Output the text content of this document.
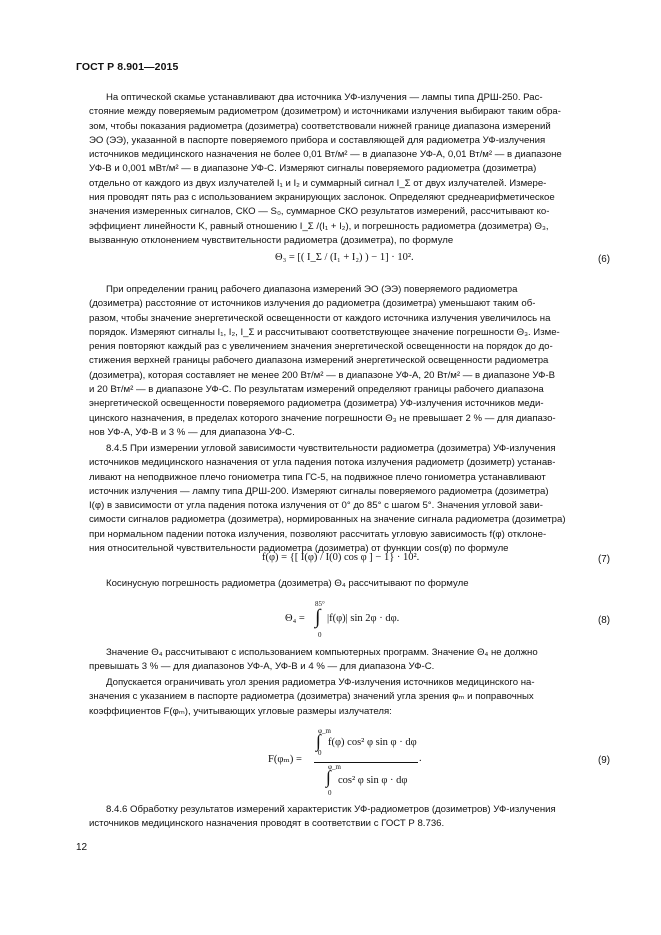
ГОСТ Р 8.901—2015
На оптической скамье устанавливают два источника УФ-излучения — лампы типа ДРШ-250. Рас-
стояние между поверяемым радиометром (дозиметром) и источниками излучения выбирают таким обра-
зом, чтобы показания радиометра (дозиметра) соответствовали нижней границе диапазона измерений
ЭО (ЭЭ), указанной в паспорте поверяемого прибора и составляющей для радиометра УФ-излучения
источников медицинского назначения не более 0,01 Вт/м² — в диапазоне УФ-А, 0,01 Вт/м² — в диапазоне
УФ-В и 0,001 мВт/м² — в диапазоне УФ-С. Измеряют сигналы поверяемого радиометра (дозиметра)
отдельно от каждого из двух излучателей I₁ и I₂ и суммарный сигнал I_Σ от двух излучателей. Измере-
ния проводят пять раз с использованием экранирующих заслонок. Определяют среднеарифметическое
значения измеренных сигналов, СКО — S₀, суммарное СКО результатов измерений, рассчитывают ко-
эффициент линейности K, равный отношению I_Σ /(I₁ + I₂), и погрешность радиометра (дозиметра) Θ₃,
вызванную отклонением чувствительности радиометра (дозиметра), по формуле
Θ₃ = [( I_Σ / (I₁ + I₂) ) − 1] · 10².	(6)
При определении границ рабочего диапазона измерений ЭО (ЭЭ) поверяемого радиометра
(дозиметра) расстояние от источников излучения до радиометра (дозиметра) уменьшают таким об-
разом, чтобы значение энергетической освещенности от каждого источника излучения увеличилось на
порядок. Измеряют сигналы I₁, I₂, I_Σ и рассчитывают соответствующее значение погрешности Θ₃. Изме-
рения повторяют каждый раз с увеличением значения энергетической освещенности на порядок до до-
стижения верхней границы рабочего диапазона измерений энергетической освещенности радиометра
(дозиметра), которая составляет не менее 200 Вт/м² — в диапазоне УФ-А, 20 Вт/м² — в диапазоне УФ-В
и 20 Вт/м² — в диапазоне УФ-С. По результатам измерений определяют границы рабочего диапазона
энергетической освещенности поверяемого радиометра (дозиметра) УФ-излучения источников меди-
цинского назначения, в пределах которого значение погрешности Θ₃ не превышает 2 % — для диапазо-
нов УФ-А, УФ-В и 3 % — для диапазона УФ-С.
8.4.5 При измерении угловой зависимости чувствительности радиометра (дозиметра) УФ-излучения
источников медицинского назначения от угла падения потока излучения радиометр (дозиметр) устанав-
ливают на неподвижное плечо гониометра типа ГС-5, на подвижное плечо гониометра устанавливают
источник излучения — лампу типа ДРШ-200. Измеряют сигналы поверяемого радиометра (дозиметра)
I(φ) в зависимости от угла падения потока излучения от 0° до 85° с шагом 5°. Значения угловой зави-
симости сигналов радиометра (дозиметра), нормированных на значение сигнала радиометра (дозиметра)
при нормальном падении потока излучения, позволяют рассчитать угловую зависимость f(φ) отклоне-
ния относительной чувствительности радиометра (дозиметра) от функции cos(φ) по формуле
f(φ) = {[ I(φ) / I(0) cos φ ] − 1} · 10².	(7)
Косинусную погрешность радиометра (дозиметра) Θ₄ рассчитывают по формуле
Θ₄ =
85°
∫
0
|f(φ)| sin 2φ · dφ.	(8)
Значение Θ₄ рассчитывают с использованием компьютерных программ. Значение Θ₄ не должно
превышать 3 % — для диапазонов УФ-А, УФ-В и 4 % — для диапазона УФ-С.
Допускается ограничивать угол зрения радиометра УФ-излучения источников медицинского на-
значения с указанием в паспорте радиометра (дозиметра) значений угла зрения φₘ и поправочных
коэффициентов F(φₘ), учитывающих угловые размеры излучателя:
F(φₘ) =
φ_m
∫
0
f(φ) cos² φ sin φ · dφ
.
φ_m
∫
0
cos² φ sin φ · dφ
(9)
8.4.6 Обработку результатов измерений характеристик УФ-радиометров (дозиметров) УФ-излучения
источников медицинского назначения проводят в соответствии с ГОСТ Р 8.736.
12
